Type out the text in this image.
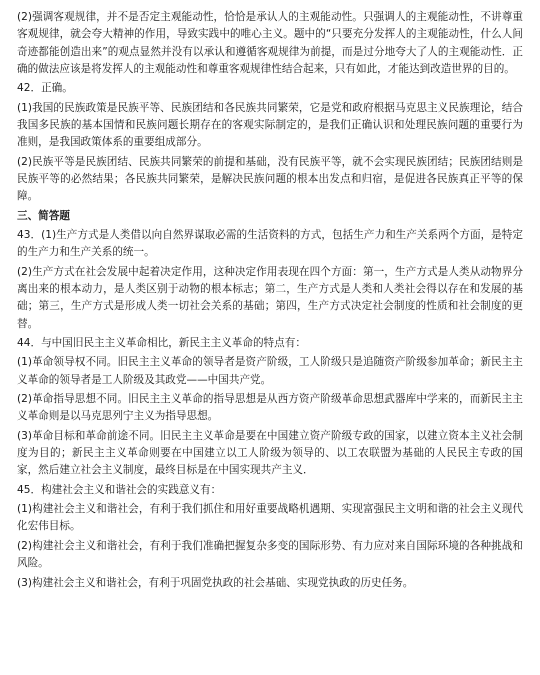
(2)强调客观规律，并不是否定主观能动性，恰恰是承认人的主观能动性。只强调人的主观能动性，不讲尊重客观规律，就会夸大精神的作用，导致实践中的唯心主义。题中的“只要充分发挥人的主观能动性，什么人间奇迹都能创造出来”的观点显然并没有以承认和遵循客观规律为前提，而是过分地夸大了人的主观能动性．正确的做法应该是将发挥人的主观能动性和尊重客观规律性结合起来，只有如此，才能达到改造世界的目的。

42．正确。

(1)我国的民族政策是民族平等、民族团结和各民族共同繁荣，它是党和政府根据马克思主义民族理论，结合我国多民族的基本国情和民族问题长期存在的客观实际制定的，是我们正确认识和处理民族问题的重要行为准则，是我国政策体系的重要组成部分。

(2)民族平等是民族团结、民族共同繁荣的前提和基础，没有民族平等，就不会实现民族团结；民族团结则是民族平等的必然结果；各民族共同繁荣，是解决民族问题的根本出发点和归宿，是促进各民族真正平等的保障。

三、简答题

43．(1)生产方式是人类借以向自然界谋取必需的生活资料的方式，包括生产力和生产关系两个方面，是特定的生产力和生产关系的统一。

(2)生产方式在社会发展中起着决定作用，这种决定作用表现在四个方面：第一，生产方式是人类从动物界分离出来的根本动力，是人类区别于动物的根本标志；第二，生产方式是人类和人类社会得以存在和发展的基础；第三，生产方式是形成人类一切社会关系的基础；第四，生产方式决定社会制度的性质和社会制度的更替。

44．与中国旧民主主义革命相比，新民主主义革命的特点有：

(1)革命领导权不同。旧民主主义革命的领导者是资产阶级，工人阶级只是追随资产阶级参加革命；新民主主义革命的领导者是工人阶级及其政党——中国共产党。

(2)革命指导思想不同。旧民主主义革命的指导思想是从西方资产阶级革命思想武器库中学来的，而新民主主义革命则是以马克思列宁主义为指导思想。

(3)革命目标和革命前途不同。旧民主主义革命是要在中国建立资产阶级专政的国家，以建立资本主义社会制度为目的；新民主主义革命则要在中国建立以工人阶级为领导的、以工农联盟为基础的人民民主专政的国家，然后建立社会主义制度，最终目标是在中国实现共产主义．

45．构建社会主义和谐社会的实践意义有：

(1)构建社会主义和谐社会，有利于我们抓住和用好重要战略机遇期、实现富强民主文明和谐的社会主义现代化宏伟目标。

(2)构建社会主义和谐社会，有利于我们准确把握复杂多变的国际形势、有力应对来自国际环境的各种挑战和风险。

(3)构建社会主义和谐社会，有利于巩固党执政的社会基础、实现党执政的历史任务。
